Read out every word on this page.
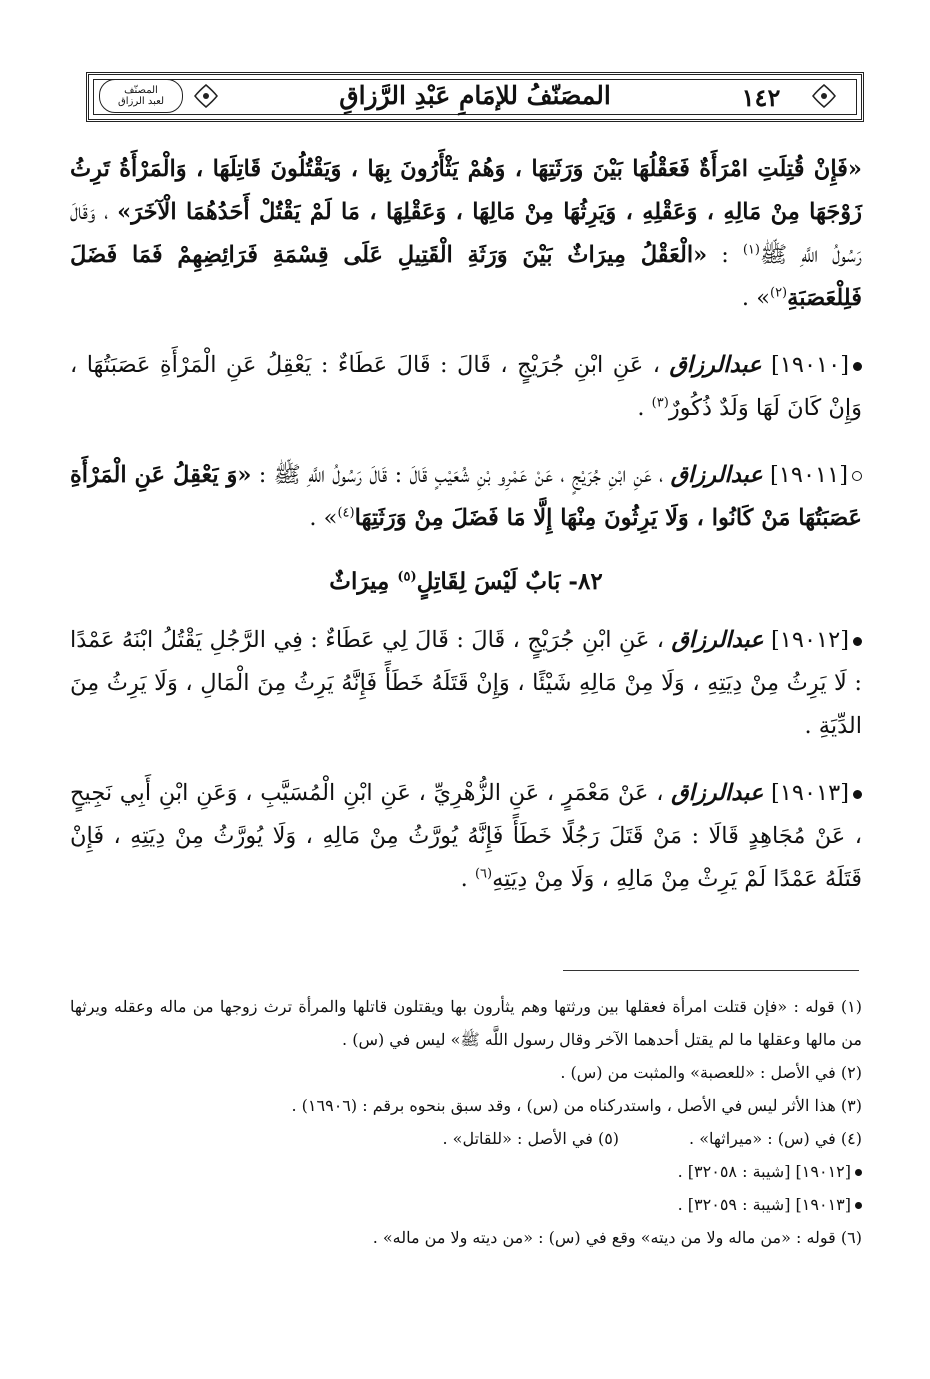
١٤٢
المصَنّفُ للإمَامِ عَبْدِ الرَّزاقِ
المصنّف
لعبد الرزاق

«فَإِنْ قُتِلَتِ امْرَأَةٌ فَعَقْلُهَا بَيْنَ وَرَثَتِهَا ، وَهُمْ يَثْأَرُونَ بِهَا ، وَيَقْتُلُونَ قَاتِلَهَا ، وَالْمَرْأَةُ تَرِثُ زَوْجَهَا مِنْ مَالِهِ ، وَعَقْلِهِ ، وَيَرِثُهَا مِنْ مَالِهَا ، وَعَقْلِهَا ، مَا لَمْ يَقْتُلْ أَحَدُهُمَا الْآخَرَ» ، وَقَالَ رَسُولُ اللَّهِ ﷺ$^{(١)}$ : «الْعَقْلُ مِيرَاثٌ بَيْنَ وَرَثَةِ الْقَتِيلِ عَلَى قِسْمَةِ فَرَائِضِهِمْ فَمَا فَضَلَ فَلِلْعَصَبَةِ$^{(٢)}$» .

[١٩٠١٠] عبدالرزاق ، عَنِ ابْنِ جُرَيْجٍ ، قَالَ : قَالَ عَطَاءٌ : يَعْقِلُ عَنِ الْمَرْأَةِ عَصَبَتُهَا ، وَإِنْ كَانَ لَهَا وَلَدٌ ذُكُورٌ$^{(٣)}$ .

[١٩٠١١] عبدالرزاق ، عَنِ ابْنِ جُرَيْجٍ ، عَنْ عَمْرِو بْنِ شُعَيْبٍ قَالَ : قَالَ رَسُولُ اللَّهِ ﷺ : «وَ يَعْقِلُ عَنِ الْمَرْأَةِ عَصَبَتُهَا مَنْ كَانُوا ، وَلَا يَرِثُونَ مِنْهَا إِلَّا مَا فَضَلَ مِنْ وَرَثَتِهَا$^{(٤)}$» .

٨٢- بَابٌ لَيْسَ لِقَاتِلٍ$^{(٥)}$ مِيرَاثٌ

[١٩٠١٢] عبدالرزاق ، عَنِ ابْنِ جُرَيْجٍ ، قَالَ : قَالَ لِي عَطَاءٌ : فِي الرَّجُلِ يَقْتُلُ ابْنَهُ عَمْدًا : لَا يَرِثُ مِنْ دِيَتِهِ ، وَلَا مِنْ مَالِهِ شَيْئًا ، وَإِنْ قَتَلَهُ خَطَأً فَإِنَّهُ يَرِثُ مِنَ الْمَالِ ، وَلَا يَرِثُ مِنَ الدِّيَةِ .

[١٩٠١٣] عبدالرزاق ، عَنْ مَعْمَرٍ ، عَنِ الزُّهْرِيِّ ، عَنِ ابْنِ الْمُسَيَّبِ ، وَعَنِ ابْنِ أَبِي نَجِيحٍ ، عَنْ مُجَاهِدٍ قَالَا : مَنْ قَتَلَ رَجُلًا خَطَأً فَإِنَّهُ يُورَّثُ مِنْ مَالِهِ ، وَلَا يُورَّثُ مِنْ دِيَتِهِ ، فَإِنْ قَتَلَهُ عَمْدًا لَمْ يَرِثْ مِنْ مَالِهِ ، وَلَا مِنْ دِيَتِهِ$^{(٦)}$ .

(١) قوله : «فإن قتلت امرأة فعقلها بين ورثتها وهم يثأرون بها ويقتلون قاتلها والمرأة ترث زوجها من ماله وعقله ويرثها من مالها وعقلها ما لم يقتل أحدهما الآخر وقال رسول اللَّه ﷺ» ليس في (س) .

(٢) في الأصل : «للعصبة» والمثبت من (س) .

(٣) هذا الأثر ليس في الأصل ، واستدركناه من (س) ، وقد سبق بنحوه برقم : (١٦٩٠٦) .

(٤) في (س) : «ميراثها» .
(٥) في الأصل : «للقاتل» .

[١٩٠١٢] [شيبة : ٣٢٠٥٨] .

[١٩٠١٣] [شيبة : ٣٢٠٥٩] .

(٦) قوله : «من ماله ولا من ديته» وقع في (س) : «من ديته ولا من ماله» .
